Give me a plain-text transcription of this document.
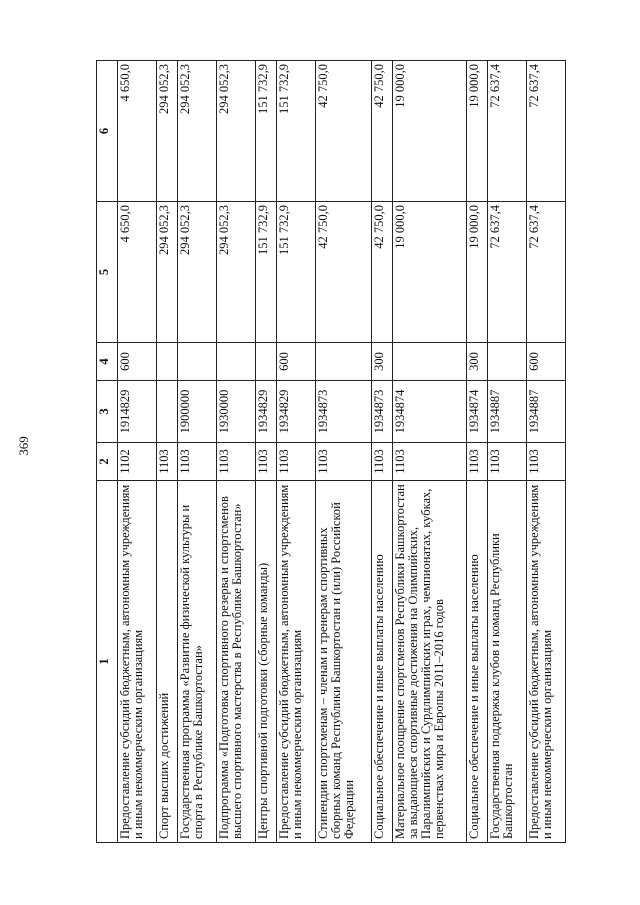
369
1	2	3	4	5	6
Предоставление субсидий бюджетным, автономным учреждениям и иным некоммерческим организациям	1102	1914829	600	4 650,0	4 650,0
Спорт высших достижений	1103			294 052,3	294 052,3
Государственная программа «Развитие физической культуры и спорта в Республике Башкортостан»	1103	1900000		294 052,3	294 052,3
Подпрограмма «Подготовка спортивного резерва и спортсменов высшего спортивного мастерства в Республике Башкортостан»	1103	1930000		294 052,3	294 052,3
Центры спортивной подготовки (сборные команды)	1103	1934829		151 732,9	151 732,9
Предоставление субсидий бюджетным, автономным учреждениям и иным некоммерческим организациям	1103	1934829	600	151 732,9	151 732,9
Стипендии спортсменам – членам и тренерам спортивных сборных команд Республики Башкортостан и (или) Российской Федерации	1103	1934873		42 750,0	42 750,0
Социальное обеспечение и иные выплаты населению	1103	1934873	300	42 750,0	42 750,0
Материальное поощрение спортсменов Республики Башкортостан за выдающиеся спортивные достижения на Олимпийских, Паралимпийских и Сурдлимпийских играх, чемпионатах, кубках, первенствах мира и Европы 2011–2016 годов	1103	1934874		19 000,0	19 000,0
Социальное обеспечение и иные выплаты населению	1103	1934874	300	19 000,0	19 000,0
Государственная поддержка клубов и команд Республики Башкортостан	1103	1934887		72 637,4	72 637,4
Предоставление субсидий бюджетным, автономным учреждениям и иным некоммерческим организациям	1103	1934887	600	72 637,4	72 637,4
